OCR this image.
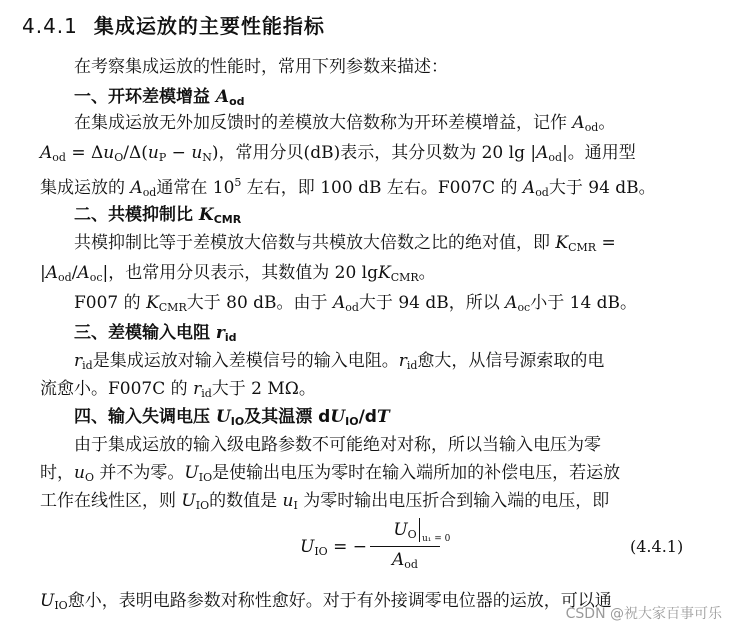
4.4.1 集成运放的主要性能指标
在考察集成运放的性能时，常用下列参数来描述：
一、开环差模增益 $A_{od}$
在集成运放无外加反馈时的差模放大倍数称为开环差模增益，记作 $A_{od}$。
$A_{od} = \Delta u_O/\Delta(u_P - u_N)$，常用分贝(dB)表示，其分贝数为 20 $\lg |A_{od}|$。通用型
集成运放的 $A_{od}$通常在 $10^5$ 左右，即 100 dB 左右。F007C 的 $A_{od}$大于 94 dB。
二、共模抑制比 $K_{CMR}$
共模抑制比等于差模放大倍数与共模放大倍数之比的绝对值，即 $K_{CMR}$ =
$|A_{od}/A_{oc}|$，也常用分贝表示，其数值为 20 lgK$_{CMR}$。
F007 的 $K_{CMR}$大于 80 dB。由于 $A_{od}$大于 94 dB，所以 $A_{oc}$小于 14 dB。
三、差模输入电阻 $r_{id}$
$r_{id}$是集成运放对输入差模信号的输入电阻。$r_{id}$愈大，从信号源索取的电
流愈小。F007C 的 $r_{id}$大于 2 MΩ。
四、输入失调电压 $U_{IO}$及其温漂 $dU_{IO}/dT$
由于集成运放的输入级电路参数不可能绝对对称，所以当输入电压为零
时，$u_O$ 并不为零。$U_{IO}$是使输出电压为零时在输入端所加的补偿电压，若运放
工作在线性区，则 $U_{IO}$的数值是 $u_I$ 为零时输出电压折合到输入端的电压，即
$U_{IO}$ = −
$U_O$ u₁ = 0
$A_{od}$
(4.4.1)
$U_{IO}$愈小，表明电路参数对称性愈好。对于有外接调零电位器的运放，可以通
CSDN @祝大家百事可乐
